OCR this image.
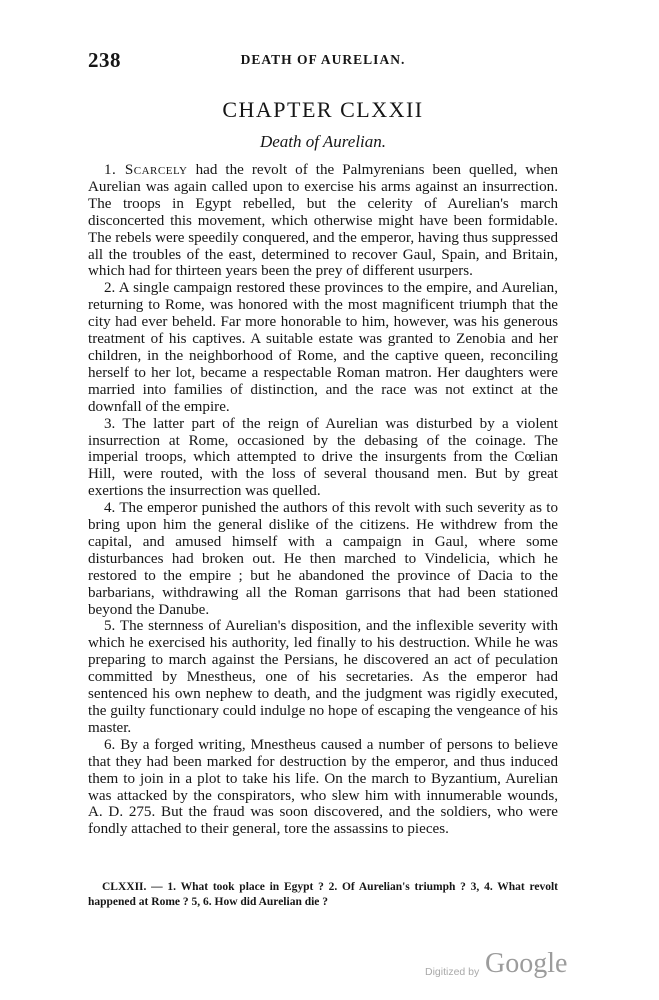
238	DEATH OF AURELIAN.
CHAPTER CLXXII
Death of Aurelian.

1. Scarcely had the revolt of the Palmyrenians been quelled, when Aurelian was again called upon to exercise his arms against an insurrection. The troops in Egypt rebelled, but the celerity of Aurelian's march disconcerted this movement, which otherwise might have been formidable. The rebels were speedily conquered, and the emperor, having thus suppressed all the troubles of the east, determined to recover Gaul, Spain, and Britain, which had for thirteen years been the prey of different usurpers.

2. A single campaign restored these provinces to the empire, and Aurelian, returning to Rome, was honored with the most magnificent triumph that the city had ever beheld. Far more honorable to him, however, was his generous treatment of his captives. A suitable estate was granted to Zenobia and her children, in the neighborhood of Rome, and the captive queen, reconciling herself to her lot, became a respectable Roman matron. Her daughters were married into families of distinction, and the race was not extinct at the downfall of the empire.

3. The latter part of the reign of Aurelian was disturbed by a violent insurrection at Rome, occasioned by the debasing of the coinage. The imperial troops, which attempted to drive the insurgents from the Cœlian Hill, were routed, with the loss of several thousand men. But by great exertions the insurrection was quelled.

4. The emperor punished the authors of this revolt with such severity as to bring upon him the general dislike of the citizens. He withdrew from the capital, and amused himself with a campaign in Gaul, where some disturbances had broken out. He then marched to Vindelicia, which he restored to the empire ; but he abandoned the province of Dacia to the barbarians, withdrawing all the Roman garrisons that had been stationed beyond the Danube.

5. The sternness of Aurelian's disposition, and the inflexible severity with which he exercised his authority, led finally to his destruction. While he was preparing to march against the Persians, he discovered an act of peculation committed by Mnestheus, one of his secretaries. As the emperor had sentenced his own nephew to death, and the judgment was rigidly executed, the guilty functionary could indulge no hope of escaping the vengeance of his master.

6. By a forged writing, Mnestheus caused a number of persons to believe that they had been marked for destruction by the emperor, and thus induced them to join in a plot to take his life. On the march to Byzantium, Aurelian was attacked by the conspirators, who slew him with innumerable wounds, A. D. 275. But the fraud was soon discovered, and the soldiers, who were fondly attached to their general, tore the assassins to pieces.

CLXXII. — 1. What took place in Egypt ? 2. Of Aurelian's triumph ? 3, 4. What revolt happened at Rome ? 5, 6. How did Aurelian die ?
Digitized by Google
